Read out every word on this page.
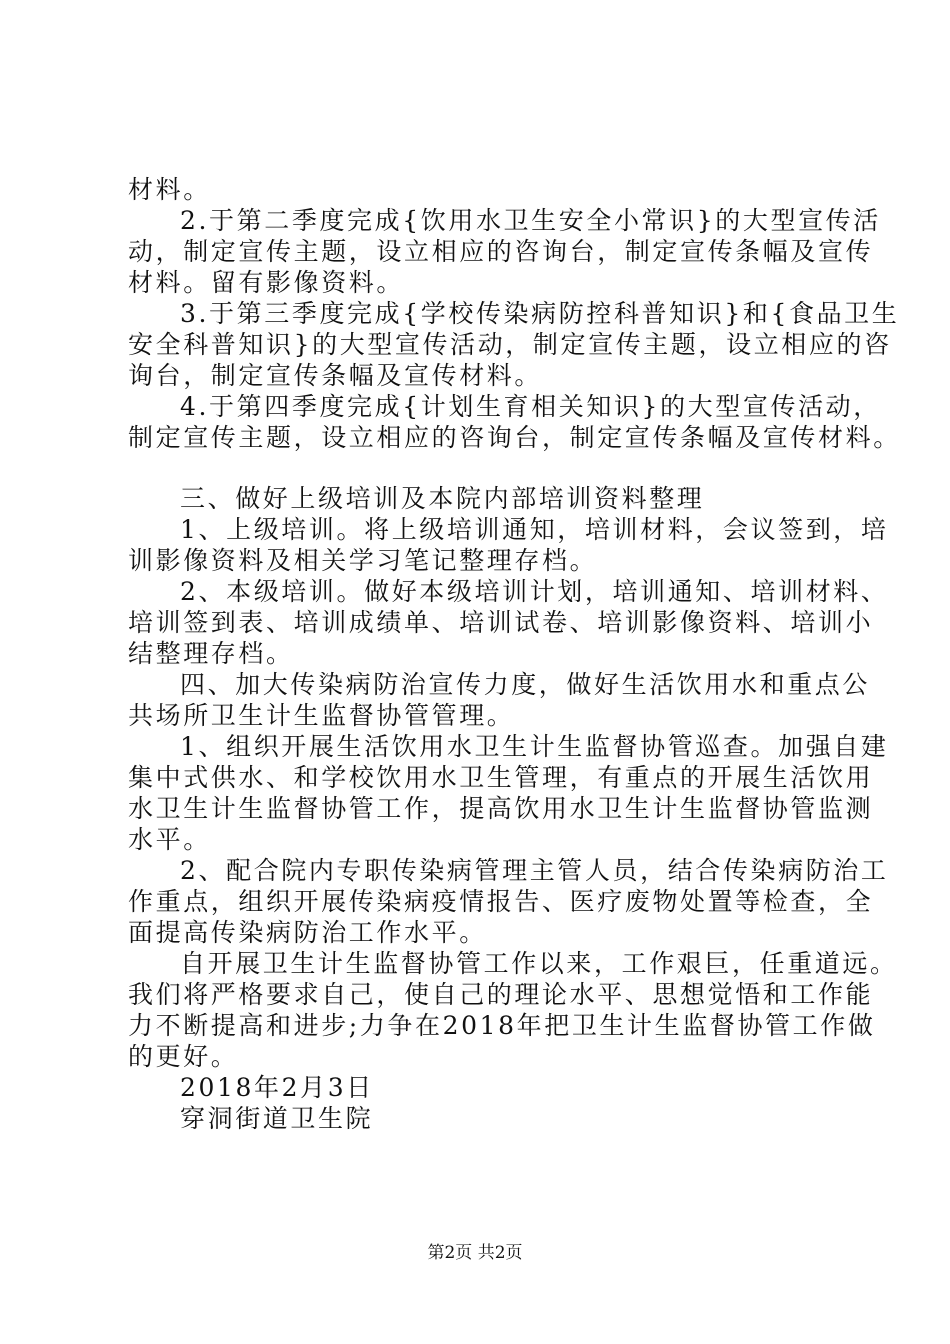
材料。
2.于第二季度完成{饮用水卫生安全小常识}的大型宣传活
动，制定宣传主题，设立相应的咨询台，制定宣传条幅及宣传
材料。留有影像资料。
3.于第三季度完成{学校传染病防控科普知识}和{食品卫生
安全科普知识}的大型宣传活动，制定宣传主题，设立相应的咨
询台，制定宣传条幅及宣传材料。
4.于第四季度完成{计划生育相关知识}的大型宣传活动，
制定宣传主题，设立相应的咨询台，制定宣传条幅及宣传材料。
三、做好上级培训及本院内部培训资料整理
1、上级培训。将上级培训通知，培训材料，会议签到，培
训影像资料及相关学习笔记整理存档。
2、本级培训。做好本级培训计划，培训通知、培训材料、
培训签到表、培训成绩单、培训试卷、培训影像资料、培训小
结整理存档。
四、加大传染病防治宣传力度，做好生活饮用水和重点公
共场所卫生计生监督协管管理。
1、组织开展生活饮用水卫生计生监督协管巡查。加强自建
集中式供水、和学校饮用水卫生管理，有重点的开展生活饮用
水卫生计生监督协管工作，提高饮用水卫生计生监督协管监测
水平。
2、配合院内专职传染病管理主管人员，结合传染病防治工
作重点，组织开展传染病疫情报告、医疗废物处置等检查，全
面提高传染病防治工作水平。
自开展卫生计生监督协管工作以来，工作艰巨，任重道远。
我们将严格要求自己，使自己的理论水平、思想觉悟和工作能
力不断提高和进步;力争在2018年把卫生计生监督协管工作做
的更好。
2018年2月3日
穿洞街道卫生院
第2页 共2页
